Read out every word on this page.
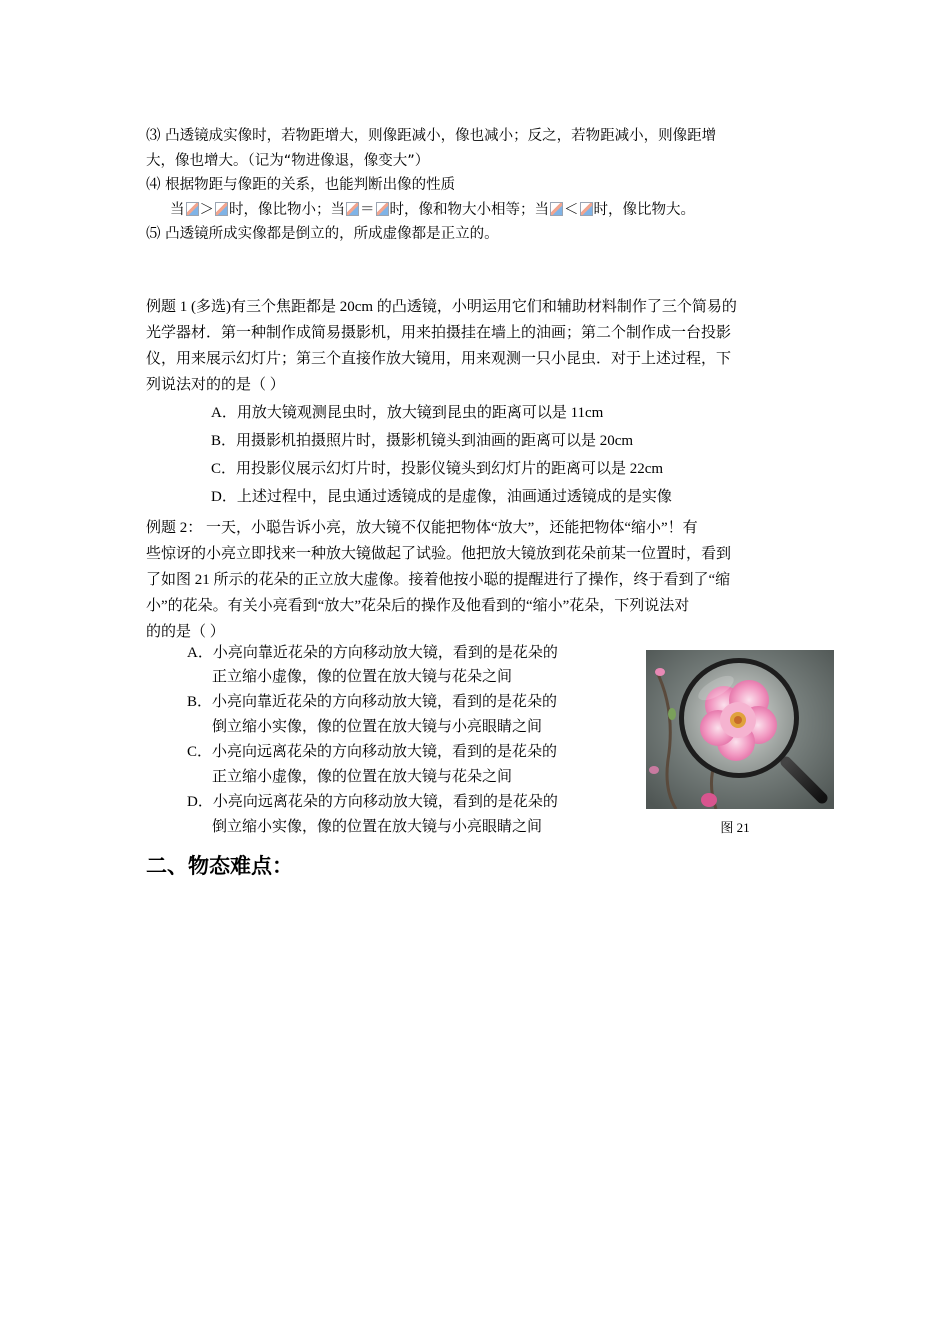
⑶ 凸透镜成实像时，若物距增大，则像距减小，像也减小；反之，若物距减小，则像距增
大，像也增大。（记为“物进像退，像变大”）
⑷ 根据物距与像距的关系，也能判断出像的性质
当 ＞ 时，像比物小；当 ＝ 时，像和物大小相等；当 ＜ 时，像比物大。
⑸ 凸透镜所成实像都是倒立的，所成虚像都是正立的。
例题 1 (多选)有三个焦距都是 20cm 的凸透镜，小明运用它们和辅助材料制作了三个简易的
光学器材．第一种制作成简易摄影机，用来拍摄挂在墙上的油画；第二个制作成一台投影
仪，用来展示幻灯片；第三个直接作放大镜用，用来观测一只小昆虫．对于上述过程，下
列说法对的的是（ ）
A．用放大镜观测昆虫时，放大镜到昆虫的距离可以是 11cm
B．用摄影机拍摄照片时，摄影机镜头到油画的距离可以是 20cm
C．用投影仪展示幻灯片时，投影仪镜头到幻灯片的距离可以是 22cm
D．上述过程中，昆虫通过透镜成的是虚像，油画通过透镜成的是实像
例题 2： 一天，小聪告诉小亮，放大镜不仅能把物体“放大”，还能把物体“缩小”！有
些惊讶的小亮立即找来一种放大镜做起了试验。他把放大镜放到花朵前某一位置时，看到
了如图 21 所示的花朵的正立放大虚像。接着他按小聪的提醒进行了操作，终于看到了“缩
小”的花朵。有关小亮看到“放大”花朵后的操作及他看到的“缩小”花朵，下列说法对
的的是（ ）
A．小亮向靠近花朵的方向移动放大镜，看到的是花朵的
正立缩小虚像，像的位置在放大镜与花朵之间
B．小亮向靠近花朵的方向移动放大镜，看到的是花朵的
倒立缩小实像，像的位置在放大镜与小亮眼睛之间
C．小亮向远离花朵的方向移动放大镜，看到的是花朵的
正立缩小虚像，像的位置在放大镜与花朵之间
D．小亮向远离花朵的方向移动放大镜，看到的是花朵的
倒立缩小实像，像的位置在放大镜与小亮眼睛之间	图 21
二、物态难点：
